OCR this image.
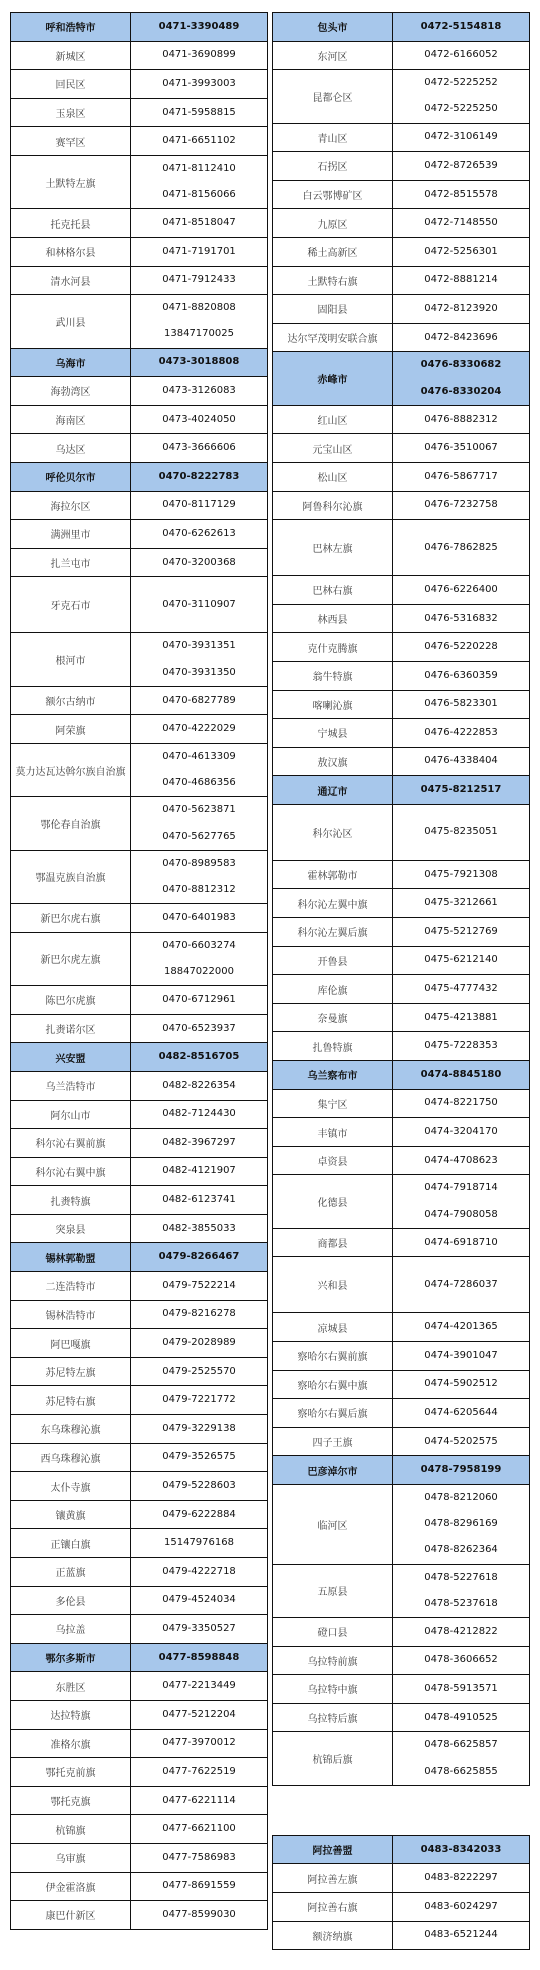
呼和浩特市	0471-3390489

新城区	0471-3690899

回民区	0471-3993003

玉泉区	0471-5958815

赛罕区	0471-6651102

土默特左旗	0471-8112410
0471-8156066

托克托县	0471-8518047

和林格尔县	0471-7191701

清水河县	0471-7912433

武川县	0471-8820808
13847170025

乌海市	0473-3018808

海勃湾区	0473-3126083

海南区	0473-4024050

乌达区	0473-3666606

呼伦贝尔市	0470-8222783

海拉尔区	0470-8117129

满洲里市	0470-6262613

扎兰屯市	0470-3200368

牙克石市	0470-3110907

根河市	0470-3931351
0470-3931350

额尔古纳市	0470-6827789

阿荣旗	0470-4222029

莫力达瓦达斡尔族自治旗	0470-4613309
0470-4686356

鄂伦春自治旗	0470-5623871
0470-5627765

鄂温克族自治旗	0470-8989583
0470-8812312

新巴尔虎右旗	0470-6401983

新巴尔虎左旗	0470-6603274
18847022000

陈巴尔虎旗	0470-6712961

扎赉诺尔区	0470-6523937

兴安盟	0482-8516705

乌兰浩特市	0482-8226354

阿尔山市	0482-7124430

科尔沁右翼前旗	0482-3967297

科尔沁右翼中旗	0482-4121907

扎赉特旗	0482-6123741

突泉县	0482-3855033

锡林郭勒盟	0479-8266467

二连浩特市	0479-7522214

锡林浩特市	0479-8216278

阿巴嘎旗	0479-2028989

苏尼特左旗	0479-2525570

苏尼特右旗	0479-7221772

东乌珠穆沁旗	0479-3229138

西乌珠穆沁旗	0479-3526575

太仆寺旗	0479-5228603

镶黄旗	0479-6222884

正镶白旗	15147976168

正蓝旗	0479-4222718

多伦县	0479-4524034

乌拉盖	0479-3350527

鄂尔多斯市	0477-8598848

东胜区	0477-2213449

达拉特旗	0477-5212204

准格尔旗	0477-3970012

鄂托克前旗	0477-7622519

鄂托克旗	0477-6221114

杭锦旗	0477-6621100

乌审旗	0477-7586983

伊金霍洛旗	0477-8691559

康巴什新区	0477-8599030
包头市	0472-5154818

东河区	0472-6166052

昆都仑区	0472-5225252
0472-5225250

青山区	0472-3106149

石拐区	0472-8726539

白云鄂博矿区	0472-8515578

九原区	0472-7148550

稀土高新区	0472-5256301

土默特右旗	0472-8881214

固阳县	0472-8123920

达尔罕茂明安联合旗	0472-8423696

赤峰市	0476-8330682
0476-8330204

红山区	0476-8882312

元宝山区	0476-3510067

松山区	0476-5867717

阿鲁科尔沁旗	0476-7232758

巴林左旗	0476-7862825

巴林右旗	0476-6226400

林西县	0476-5316832

克什克腾旗	0476-5220228

翁牛特旗	0476-6360359

喀喇沁旗	0476-5823301

宁城县	0476-4222853

敖汉旗	0476-4338404

通辽市	0475-8212517

科尔沁区	0475-8235051

霍林郭勒市	0475-7921308

科尔沁左翼中旗	0475-3212661

科尔沁左翼后旗	0475-5212769

开鲁县	0475-6212140

库伦旗	0475-4777432

奈曼旗	0475-4213881

扎鲁特旗	0475-7228353

乌兰察布市	0474-8845180

集宁区	0474-8221750

丰镇市	0474-3204170

卓资县	0474-4708623

化德县	0474-7918714
0474-7908058

商都县	0474-6918710

兴和县	0474-7286037

凉城县	0474-4201365

察哈尔右翼前旗	0474-3901047

察哈尔右翼中旗	0474-5902512

察哈尔右翼后旗	0474-6205644

四子王旗	0474-5202575

巴彦淖尔市	0478-7958199

临河区	0478-8212060
0478-8296169
0478-8262364

五原县	0478-5227618
0478-5237618

磴口县	0478-4212822

乌拉特前旗	0478-3606652

乌拉特中旗	0478-5913571

乌拉特后旗	0478-4910525

杭锦后旗	0478-6625857
0478-6625855
阿拉善盟	0483-8342033

阿拉善左旗	0483-8222297

阿拉善右旗	0483-6024297

额济纳旗	0483-6521244
